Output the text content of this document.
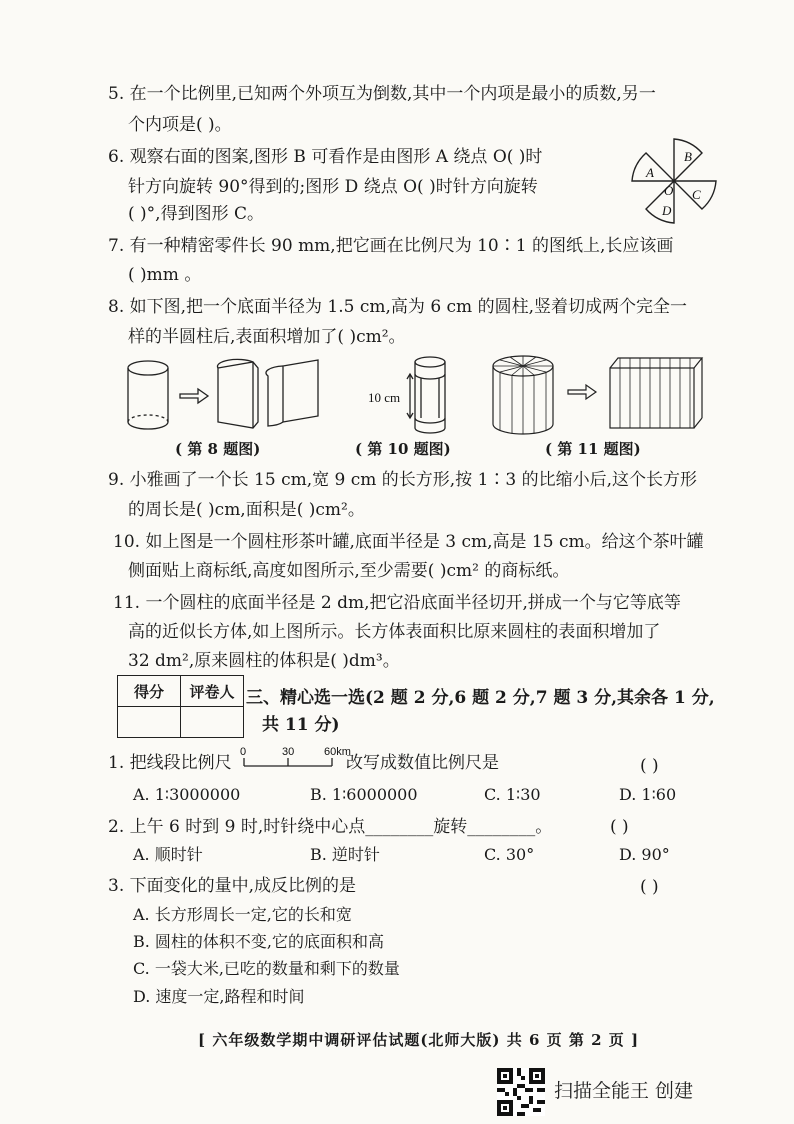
5. 在一个比例里,已知两个外项互为倒数,其中一个内项是最小的质数,另一
个内项是( )。
6. 观察右面的图案,图形 B 可看作是由图形 A 绕点 O( )时
针方向旋转 90°得到的;图形 D 绕点 O( )时针方向旋转
( )°,得到图形 C。
B
A
C
D
O
7. 有一种精密零件长 90 mm,把它画在比例尺为 10∶1 的图纸上,长应该画
( )mm 。
8. 如下图,把一个底面半径为 1.5 cm,高为 6 cm 的圆柱,竖着切成两个完全一
样的半圆柱后,表面积增加了( )cm²。
( 第 8 题图)
10 cm
( 第 10 题图)	( 第 11 题图)
9. 小雅画了一个长 15 cm,宽 9 cm 的长方形,按 1∶3 的比缩小后,这个长方形
的周长是( )cm,面积是( )cm²。
10. 如上图是一个圆柱形茶叶罐,底面半径是 3 cm,高是 15 cm。给这个茶叶罐
侧面贴上商标纸,高度如图所示,至少需要( )cm² 的商标纸。
11. 一个圆柱的底面半径是 2 dm,把它沿底面半径切开,拼成一个与它等底等
高的近似长方体,如上图所示。长方体表面积比原来圆柱的表面积增加了
32 dm²,原来圆柱的体积是( )dm³。
得分	评卷人
	三、精心选一选(2 题 2 分,6 题 2 分,7 题 3 分,其余各 1 分,
共 11 分)
1. 把线段比例尺
0	30	60km
改写成数值比例尺是	( )
A. 1∶3000000	B. 1∶6000000	C. 1∶30	D. 1∶60
2. 上午 6 时到 9 时,时针绕中心点________旋转________。	( )
A. 顺时针	B. 逆时针	C. 30°	D. 90°
3. 下面变化的量中,成反比例的是	( )
A. 长方形周长一定,它的长和宽
B. 圆柱的体积不变,它的底面积和高
C. 一袋大米,已吃的数量和剩下的数量
D. 速度一定,路程和时间
[ 六年级数学期中调研评估试题(北师大版) 共 6 页 第 2 页 ]
扫描全能王 创建
